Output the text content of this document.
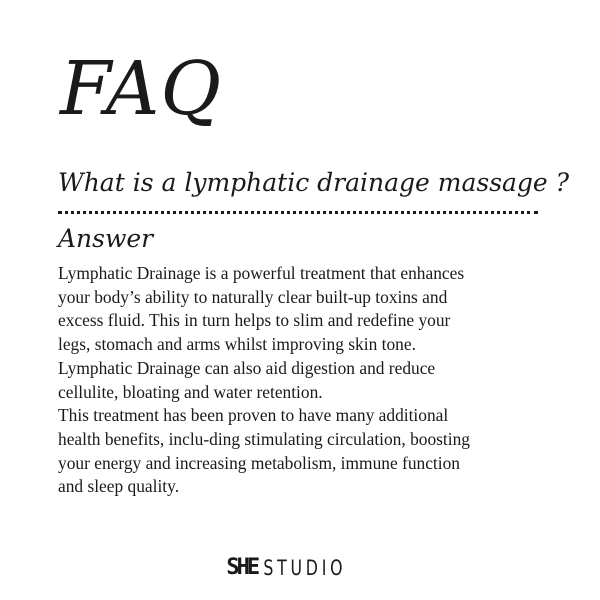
FAQ
What is a lymphatic drainage massage ?
Answer
Lymphatic Drainage is a powerful treatment that enhances
your body’s ability to naturally clear built-up toxins and
excess fluid. This in turn helps to slim and redefine your
legs, stomach and arms whilst improving skin tone.
Lymphatic Drainage can also aid digestion and reduce
cellulite, bloating and water retention.
This treatment has been proven to have many additional
health benefits, inclu-ding stimulating circulation, boosting
your energy and increasing metabolism, immune function
and sleep quality.
SHE STUDIO
